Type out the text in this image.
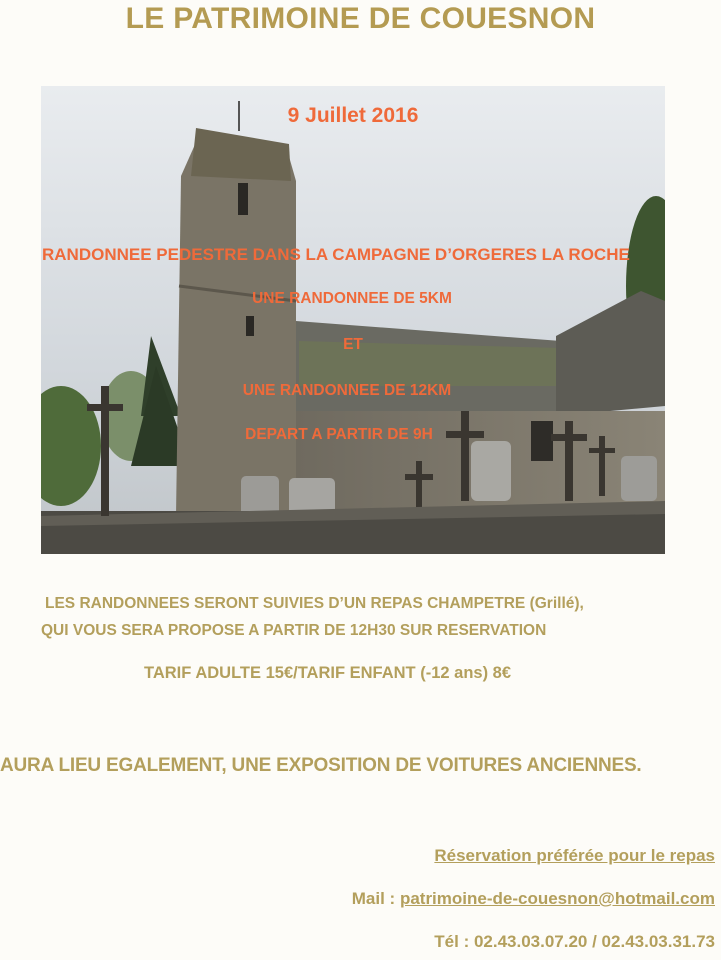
LE PATRIMOINE DE COUESNON
9 Juillet 2016
RANDONNEE PEDESTRE DANS LA CAMPAGNE D’ORGERES LA ROCHE
UNE RANDONNEE DE 5KM
ET
UNE RANDONNEE DE 12KM
DEPART A PARTIR DE 9H
LES RANDONNEES SERONT SUIVIES D’UN REPAS CHAMPETRE (Grillé),
QUI VOUS SERA PROPOSE A PARTIR DE 12H30 SUR RESERVATION
TARIF ADULTE 15€/TARIF ENFANT (-12 ans) 8€
AURA LIEU EGALEMENT, UNE EXPOSITION DE VOITURES ANCIENNES.
Réservation préférée pour le repas
Mail : patrimoine-de-couesnon@hotmail.com
Tél : 02.43.03.07.20 / 02.43.03.31.73
